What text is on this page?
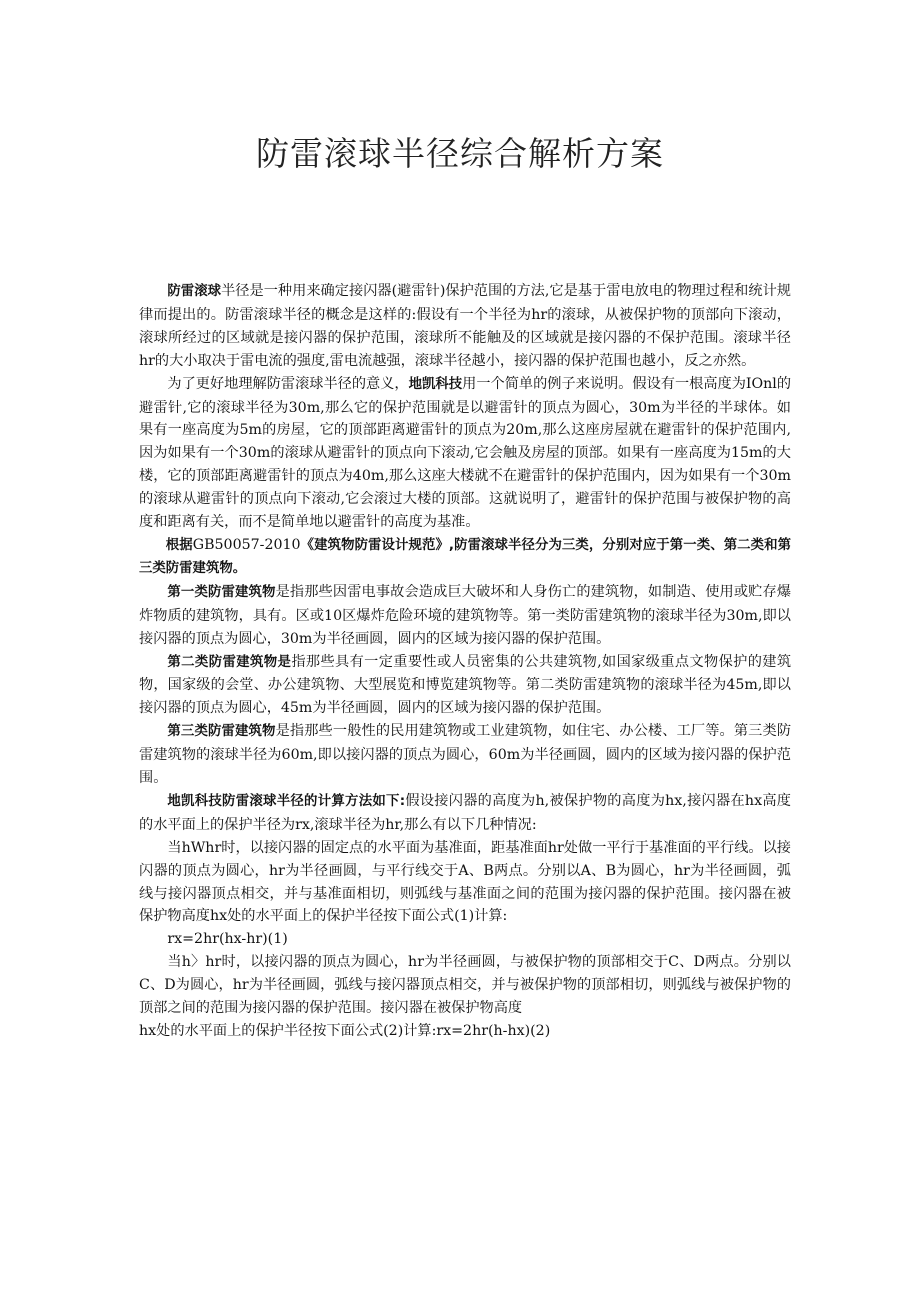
防雷滚球半径综合解析方案

防雷滚球半径是一种用来确定接闪器(避雷针)保护范围的方法,它是基于雷电放电的物理过程和统计规律而提出的。防雷滚球半径的概念是这样的:假设有一个半径为hr的滚球，从被保护物的顶部向下滚动，滚球所经过的区域就是接闪器的保护范围，滚球所不能触及的区域就是接闪器的不保护范围。滚球半径hr的大小取决于雷电流的强度,雷电流越强，滚球半径越小，接闪器的保护范围也越小，反之亦然。

为了更好地理解防雷滚球半径的意义，地凯科技用一个简单的例子来说明。假设有一根高度为IOnl的避雷针,它的滚球半径为30m,那么它的保护范围就是以避雷针的顶点为圆心，30m为半径的半球体。如果有一座高度为5m的房屋，它的顶部距离避雷针的顶点为20m,那么这座房屋就在避雷针的保护范围内,因为如果有一个30m的滚球从避雷针的顶点向下滚动,它会触及房屋的顶部。如果有一座高度为15m的大楼，它的顶部距离避雷针的顶点为40m,那么这座大楼就不在避雷针的保护范围内，因为如果有一个30m的滚球从避雷针的顶点向下滚动,它会滚过大楼的顶部。这就说明了，避雷针的保护范围与被保护物的高度和距离有关，而不是简单地以避雷针的高度为基准。

根据GB50057-2010《建筑物防雷设计规范》,防雷滚球半径分为三类，分别对应于第一类、第二类和第三类防雷建筑物。

第一类防雷建筑物是指那些因雷电事故会造成巨大破坏和人身伤亡的建筑物，如制造、使用或贮存爆炸物质的建筑物，具有。区或10区爆炸危险环境的建筑物等。第一类防雷建筑物的滚球半径为30m,即以接闪器的顶点为圆心，30m为半径画圆，圆内的区域为接闪器的保护范围。

第二类防雷建筑物是指那些具有一定重要性或人员密集的公共建筑物,如国家级重点文物保护的建筑物，国家级的会堂、办公建筑物、大型展览和博览建筑物等。第二类防雷建筑物的滚球半径为45m,即以接闪器的顶点为圆心，45m为半径画圆，圆内的区域为接闪器的保护范围。

第三类防雷建筑物是指那些一般性的民用建筑物或工业建筑物，如住宅、办公楼、工厂等。第三类防雷建筑物的滚球半径为60m,即以接闪器的顶点为圆心，60m为半径画圆，圆内的区域为接闪器的保护范围。

地凯科技防雷滚球半径的计算方法如下:假设接闪器的高度为h,被保护物的高度为hx,接闪器在hx高度的水平面上的保护半径为rx,滚球半径为hr,那么有以下几种情况:

当hWhr时，以接闪器的固定点的水平面为基准面，距基准面hr处做一平行于基准面的平行线。以接闪器的顶点为圆心，hr为半径画圆，与平行线交于A、B两点。分别以A、B为圆心，hr为半径画圆，弧线与接闪器顶点相交，并与基准面相切，则弧线与基准面之间的范围为接闪器的保护范围。接闪器在被保护物高度hx处的水平面上的保护半径按下面公式(1)计算:

rx=2hr(hx-hr)(1)

当h〉hr时，以接闪器的顶点为圆心，hr为半径画圆，与被保护物的顶部相交于C、D两点。分别以C、D为圆心，hr为半径画圆，弧线与接闪器顶点相交，并与被保护物的顶部相切，则弧线与被保护物的顶部之间的范围为接闪器的保护范围。接闪器在被保护物高度

hx处的水平面上的保护半径按下面公式(2)计算:rx=2hr(h-hx)(2)
